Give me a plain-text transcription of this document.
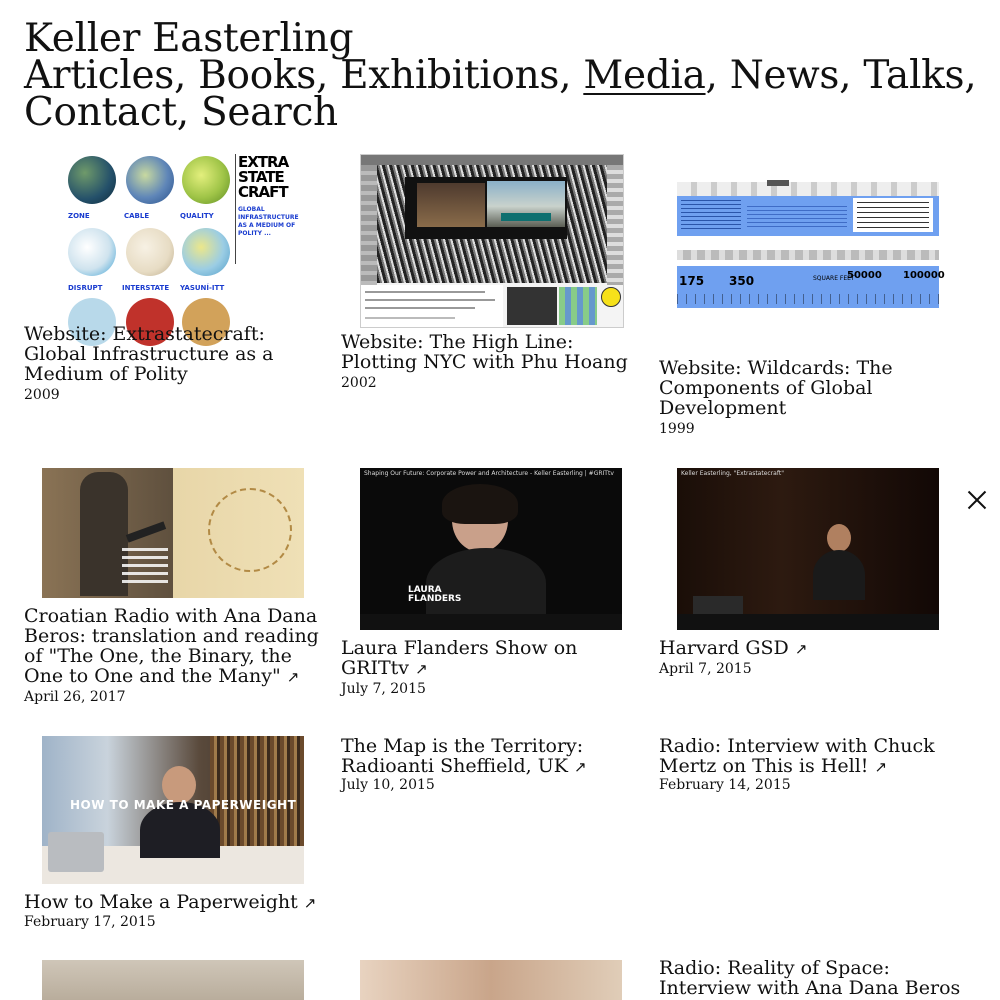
Keller Easterling
Articles, Books, Exhibitions, Media, News, Talks,
Contact, Search
ZONE	CABLE	QUALITY
DISRUPT	INTERSTATE YASUNÍ-ITT
EXTRA STATE CRAFT
GLOBAL INFRASTRUCTURE AS A MEDIUM OF POLITY ...
Website: Extrastatecraft: Global Infrastructure as a Medium of Polity
2009
Website: The High Line: Plotting NYC with Phu Hoang
2002
175 350	SQUARE FEET
50000 100000
Website: Wildcards: The Components of Global Development
1999
Croatian Radio with Ana Dana Beros: translation and reading of "The One, the Binary, the One to One and the Many" ↗
April 26, 2017
Shaping Our Future: Corporate Power and Architecture - Keller Easterling | #GRITtv
LAURA FLANDERS
Laura Flanders Show on GRITtv ↗
July 7, 2015
Keller Easterling, "Extrastatecraft"
Harvard GSD ↗
April 7, 2015
HOW TO MAKE A PAPERWEIGHT
How to Make a Paperweight ↗
February 17, 2015
The Map is the Territory: Radioanti Sheffield, UK ↗
July 10, 2015
Radio: Interview with Chuck Mertz on This is Hell! ↗
February 14, 2015
Radio: Reality of Space: Interview with Ana Dana Beros
